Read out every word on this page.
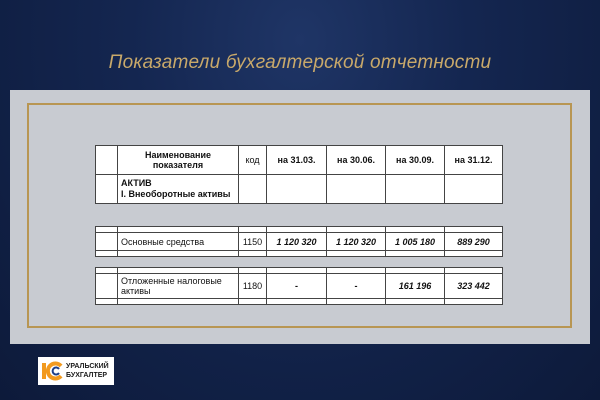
Показатели бухгалтерской отчетности
	Наименование показателя	код	на 31.03.	на 30.06.	на 30.09.	на 31.12.
	АКТИВ
I. Внеоборотные активы					

	Основные средства	1150	1 120 320	1 120 320	1 005 180	889 290

	Отложенные налоговые активы	1180	-	-	161 196	323 442

УРАЛЬСКИЙ
БУХГАЛТЕР
